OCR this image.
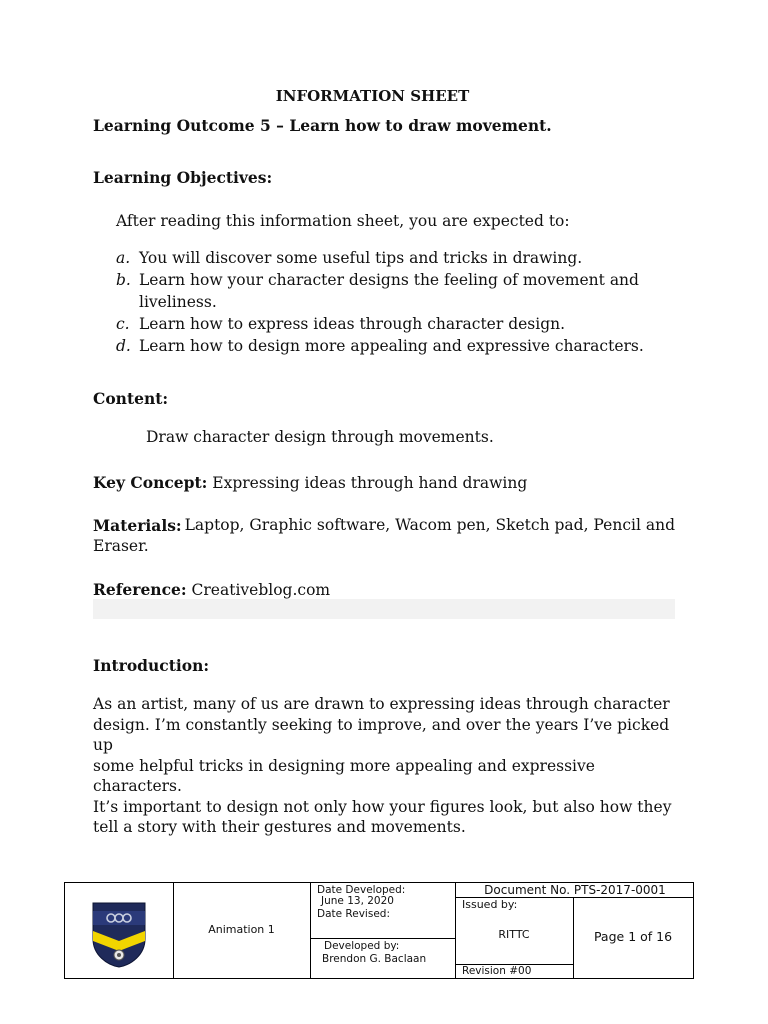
INFORMATION SHEET
Learning Outcome 5 – Learn how to draw movement.
Learning Objectives:
After reading this information sheet, you are expected to:
a. You will discover some useful tips and tricks in drawing.
b. Learn how your character designs the feeling of movement and
liveliness.
c. Learn how to express ideas through character design.
d. Learn how to design more appealing and expressive characters.
Content:
Draw character design through movements.
Key Concept: Expressing ideas through hand drawing
Materials: Laptop, Graphic software, Wacom pen, Sketch pad, Pencil and
Eraser.
Reference: Creativeblog.com
Introduction:
As an artist, many of us are drawn to expressing ideas through character
design. I’m constantly seeking to improve, and over the years I’ve picked up
some helpful tricks in designing more appealing and expressive characters.
It’s important to design not only how your figures look, but also how they
tell a story with their gestures and movements.
Animation 1
Date Developed:
June 13, 2020
Date Revised:
Developed by:
Brendon G. Baclaan
Document No. PTS-2017-0001
Issued by:
RITTC	Page 1 of 16
Revision #00
